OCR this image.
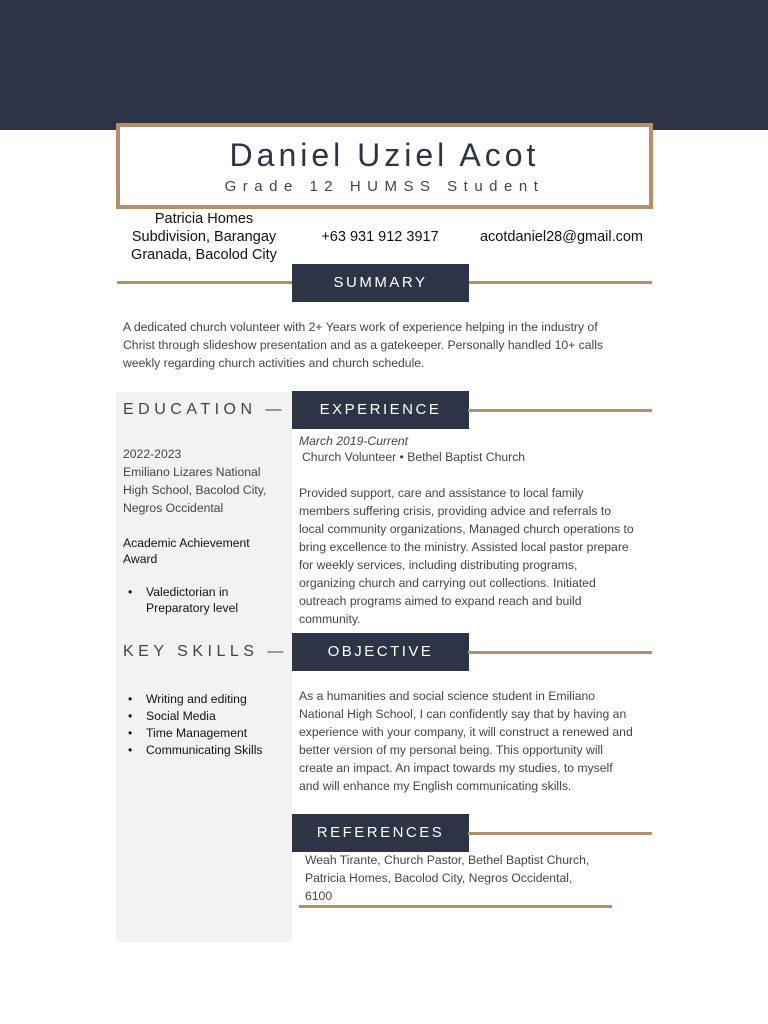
Daniel Uziel Acot
Grade 12 HUMSS Student
Patricia Homes
Subdivision, Barangay
Granada, Bacolod City
+63 931 912 3917	acotdaniel28@gmail.com
SUMMARY
A dedicated church volunteer with 2+ Years work of experience helping in the industry of
Christ through slideshow presentation and as a gatekeeper. Personally handled 10+ calls
weekly regarding church activities and church schedule.
EDUCATION —
2022-2023
Emiliano Lizares National
High School, Bacolod City,
Negros Occidental
Academic Achievement
Award
• Valedictorian in
Preparatory level
KEY SKILLS —
• Writing and editing
• Social Media
• Time Management
• Communicating Skills
EXPERIENCE
March 2019-Current
Church Volunteer • Bethel Baptist Church
Provided support, care and assistance to local family
members suffering crisis, providing advice and referrals to
local community organizations, Managed church operations to
bring excellence to the ministry. Assisted local pastor prepare
for weekly services, including distributing programs,
organizing church and carrying out collections. Initiated
outreach programs aimed to expand reach and build
community.
OBJECTIVE
As a humanities and social science student in Emiliano
National High School, I can confidently say that by having an
experience with your company, it will construct a renewed and
better version of my personal being. This opportunity will
create an impact. An impact towards my studies, to myself
and will enhance my English communicating skills.
REFERENCES
Weah Tirante, Church Pastor, Bethel Baptist Church,
Patricia Homes, Bacolod City, Negros Occidental,
6100
